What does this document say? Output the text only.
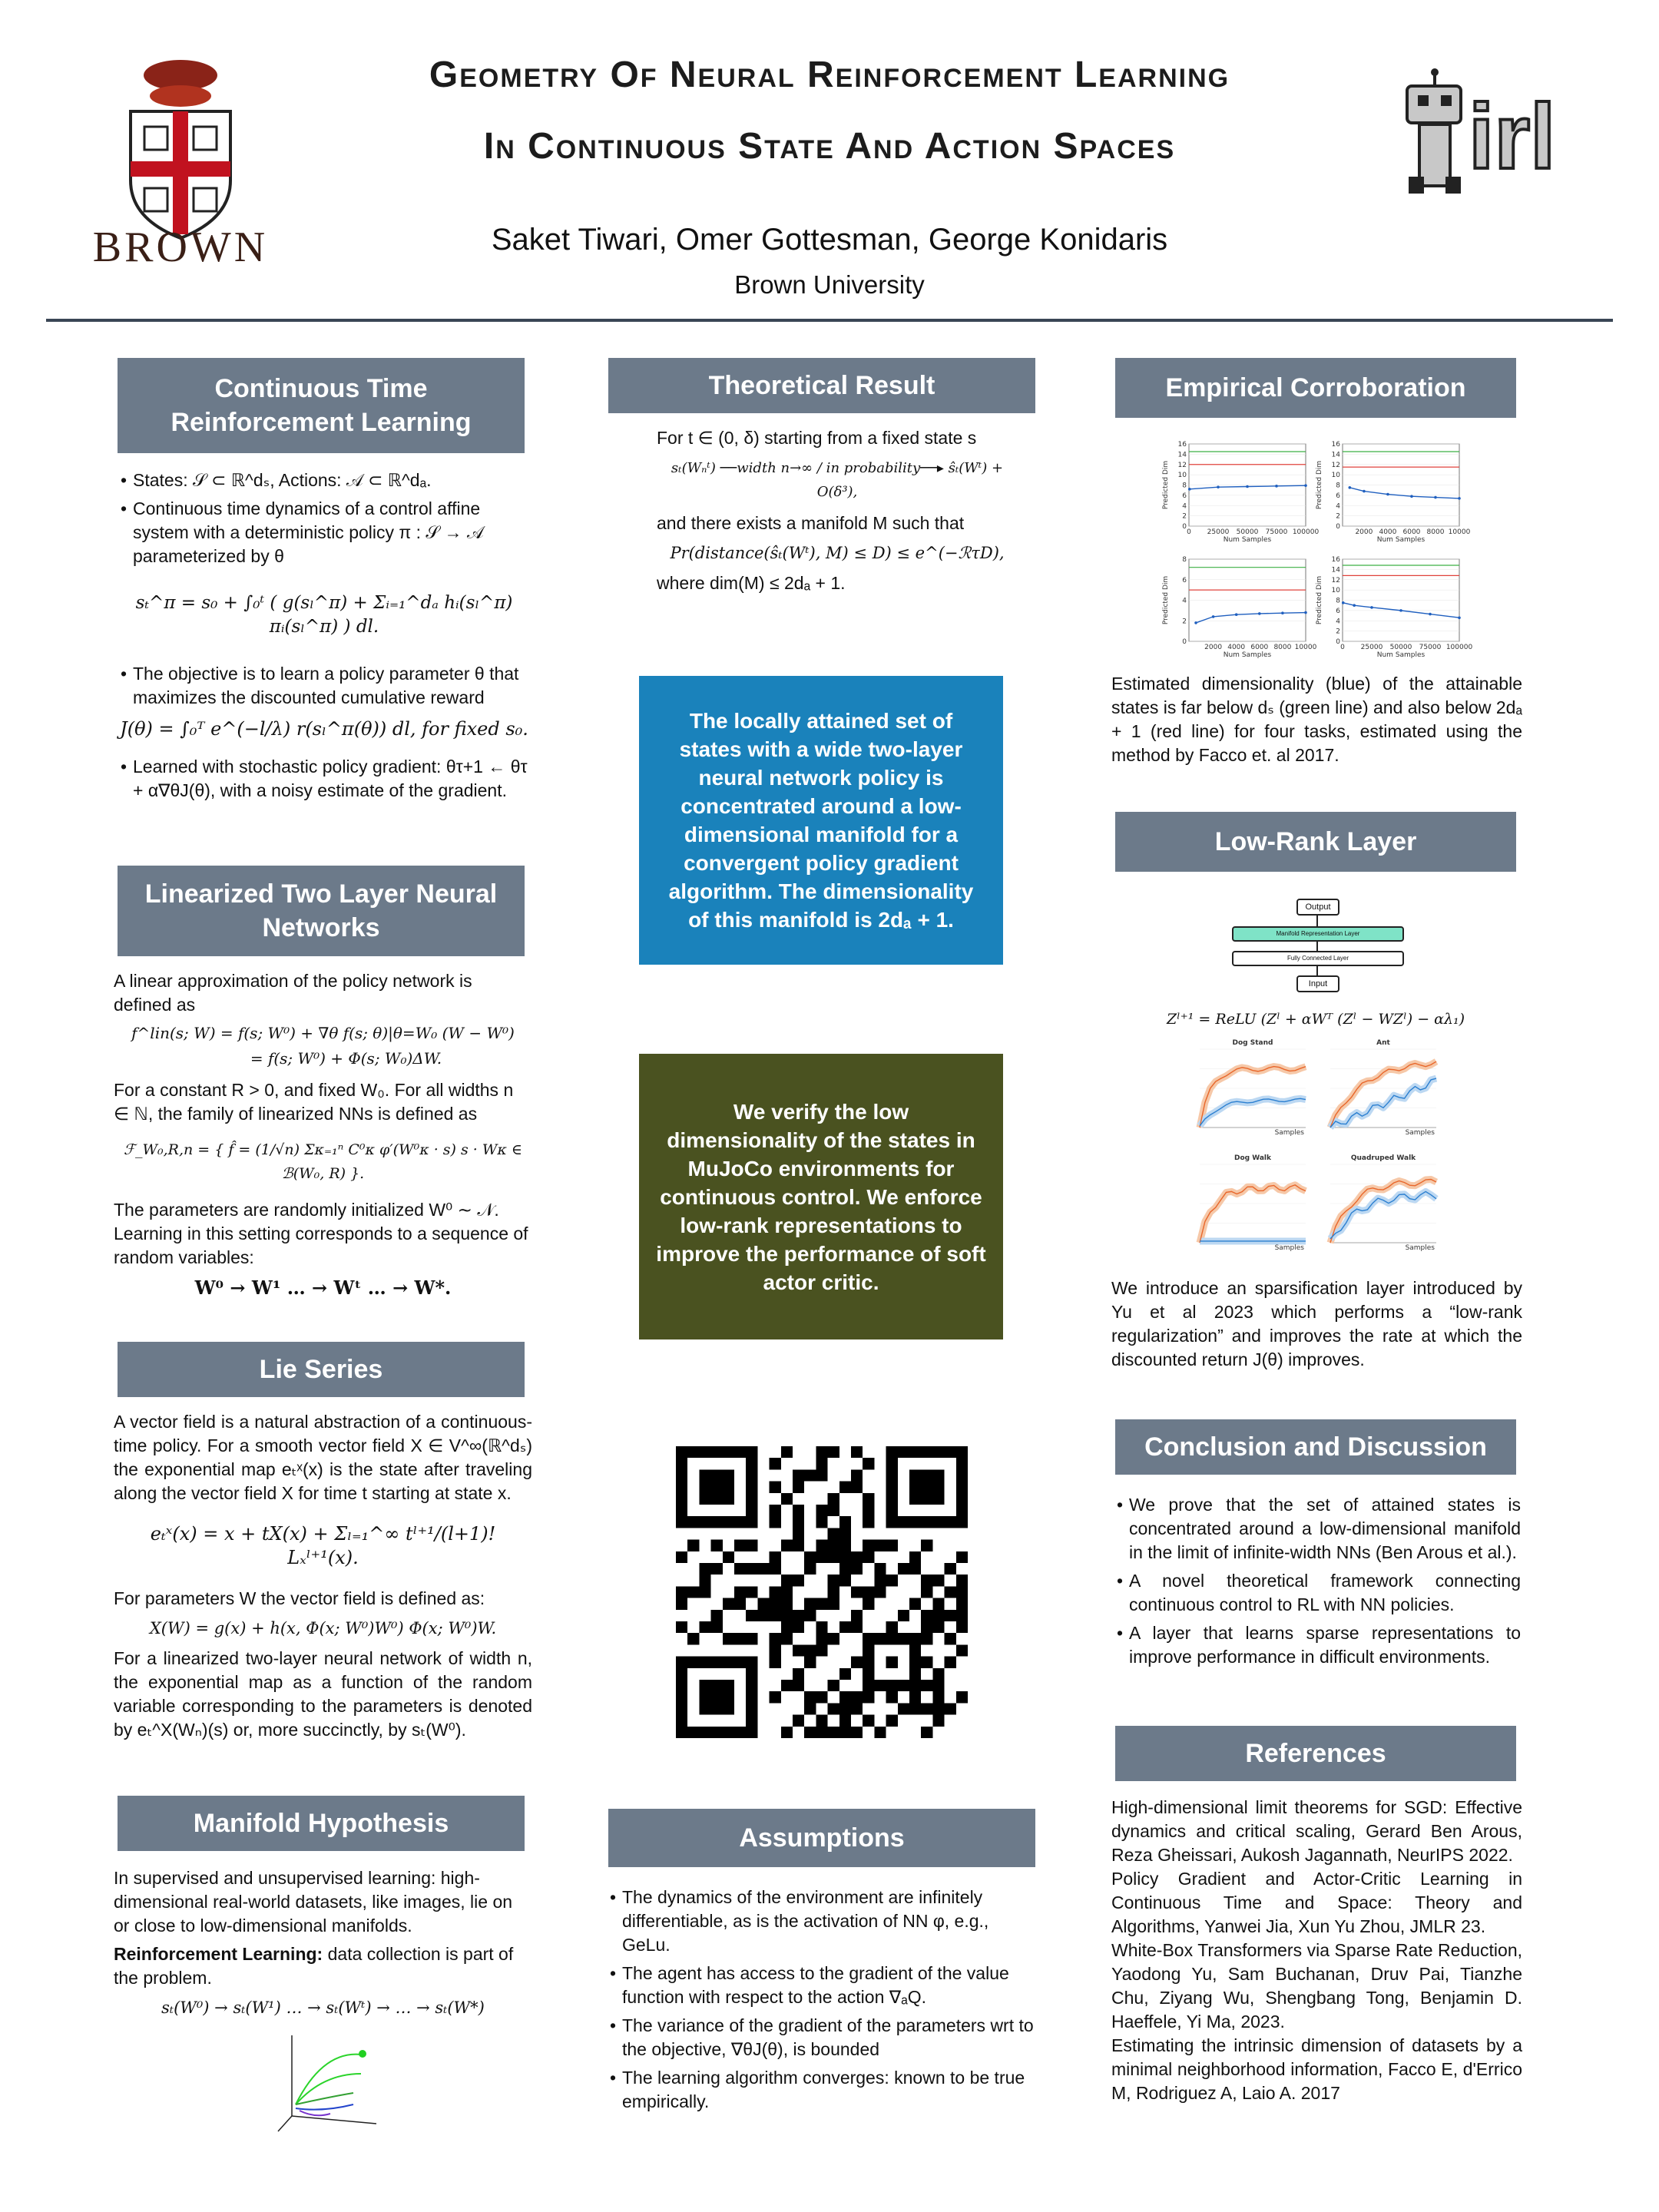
BROWN
Geometry Of Neural Reinforcement Learning
In Continuous State And Action Spaces
Saket Tiwari, Omer Gottesman, George Konidaris
Brown University
irl
Continuous Time Reinforcement Learning
• States: 𝒮 ⊂ ℝ^dₛ, Actions: 𝒜 ⊂ ℝ^dₐ.
• Continuous time dynamics of a control affine system with a deterministic policy π : 𝒮 → 𝒜 parameterized by θ
sₜ^π = s₀ + ∫₀ᵗ ( g(sₗ^π) + Σᵢ₌₁^dₐ hᵢ(sₗ^π) πᵢ(sₗ^π) ) dl.
• The objective is to learn a policy parameter θ that maximizes the discounted cumulative reward
J(θ) = ∫₀ᵀ e^(−l/λ) r(sₗ^π(θ)) dl, for fixed s₀.
• Learned with stochastic policy gradient: θτ+1 ← θτ + α∇θJ(θ), with a noisy estimate of the gradient.
Linearized Two Layer Neural Networks

A linear approximation of the policy network is defined as

f^lin(s; W) = f(s; W⁰) + ∇θ f(s; θ)|θ=W₀ (W − W⁰)
= f(s; W⁰) + Φ(s; W₀)ΔW.

For a constant R > 0, and fixed W₀. For all widths n ∈ ℕ, the family of linearized NNs is defined as

ℱ_W₀,R,n = { f̂ = (1/√n) Σκ₌₁ⁿ C⁰κ φ′(W⁰κ · s) s · Wκ ∈ ℬ(W₀, R) }.

The parameters are randomly initialized W⁰ ∼ 𝒩. Learning in this setting corresponds to a sequence of random variables:

W⁰ → W¹ … → Wᵗ … → W*.
Lie Series

A vector field is a natural abstraction of a continuous-time policy. For a smooth vector field X ∈ V^∞(ℝ^dₛ) the exponential map eₜˣ(x) is the state after traveling along the vector field X for time t starting at state x.

eₜˣ(x) = x + tX(x) + Σₗ₌₁^∞ tˡ⁺¹/(l+1)! Lₓˡ⁺¹(x).

For parameters W the vector field is defined as:

X(W) = g(x) + h(x, Φ(x; W⁰)W⁰) Φ(x; W⁰)W.

For a linearized two-layer neural network of width n, the exponential map as a function of the random variable corresponding to the parameters is denoted by eₜ^X(Wₙ)(s) or, more succinctly, by sₜ(W⁰).

Manifold Hypothesis

In supervised and unsupervised learning: high-dimensional real-world datasets, like images, lie on or close to low-dimensional manifolds.

Reinforcement Learning: data collection is part of the problem.

sₜ(W⁰) → sₜ(W¹) … → sₜ(Wᵗ) → … → sₜ(W*)
Theoretical Result

For t ∈ (0, δ) starting from a fixed state s

sₜ(Wₙᵗ) ──width n→∞ / in probability──▸ ŝₜ(Wᵗ) + O(δ³),

and there exists a manifold M such that

Pr(distance(ŝₜ(Wᵗ), M) ≤ D) ≤ e^(−ℛτD),

where dim(M) ≤ 2dₐ + 1.

The locally attained set of states with a wide two-layer neural network policy is concentrated around a low-dimensional manifold for a convergent policy gradient algorithm. The dimensionality of this manifold is 2dₐ + 1.
We verify the low dimensionality of the states in MuJoCo environments for continuous control. We enforce low-rank representations to improve the performance of soft actor critic.
Assumptions
• The dynamics of the environment are infinitely differentiable, as is the activation of NN φ, e.g., GeLu.
• The agent has access to the gradient of the value function with respect to the action ∇ₐQ.
• The variance of the gradient of the parameters wrt to the objective, ∇θJ(θ), is bounded
• The learning algorithm converges: known to be true empirically.
Empirical Corroboration
0
2
4
6
8
10
12
14
16
0 25000 50000 75000 100000
Num Samples
Predicted Dim
0
2
4
6
8
10
12
14
16
2000 4000 6000 8000 10000
Num Samples
Predicted Dim
0
2
4
6
8
2000 4000 6000 8000 10000
Num Samples
Predicted Dim
0
2
4
6
8
10
12
14
16
0 25000 50000 75000 100000
Num Samples
Predicted Dim
Estimated dimensionality (blue) of the attainable states is far below dₛ (green line) and also below 2dₐ + 1 (red line) for four tasks, estimated using the method by Facco et. al 2017.
Low-Rank Layer
Output
Manifold Representation Layer
Fully Connected Layer
Input
Zˡ⁺¹ = ReLU (Zˡ + αWᵀ (Zˡ − WZˡ) − αλ₁)
Dog Stand
Samples
Ant
Samples
Dog Walk
Samples
Quadruped Walk
Samples
We introduce an sparsification layer introduced by Yu et al 2023 which performs a “low-rank regularization” and improves the rate at which the discounted return J(θ) improves.
Conclusion and Discussion
• We prove that the set of attained states is concentrated around a low-dimensional manifold in the limit of infinite-width NNs (Ben Arous et al.).
• A novel theoretical framework connecting continuous control to RL with NN policies.
• A layer that learns sparse representations to improve performance in difficult environments.
References

High-dimensional limit theorems for SGD: Effective dynamics and critical scaling, Gerard Ben Arous, Reza Gheissari, Aukosh Jagannath, NeurIPS 2022.

Policy Gradient and Actor-Critic Learning in Continuous Time and Space: Theory and Algorithms, Yanwei Jia, Xun Yu Zhou, JMLR 23.

White-Box Transformers via Sparse Rate Reduction, Yaodong Yu, Sam Buchanan, Druv Pai, Tianzhe Chu, Ziyang Wu, Shengbang Tong, Benjamin D. Haeffele, Yi Ma, 2023.

Estimating the intrinsic dimension of datasets by a minimal neighborhood information, Facco E, d'Errico M, Rodriguez A, Laio A. 2017
